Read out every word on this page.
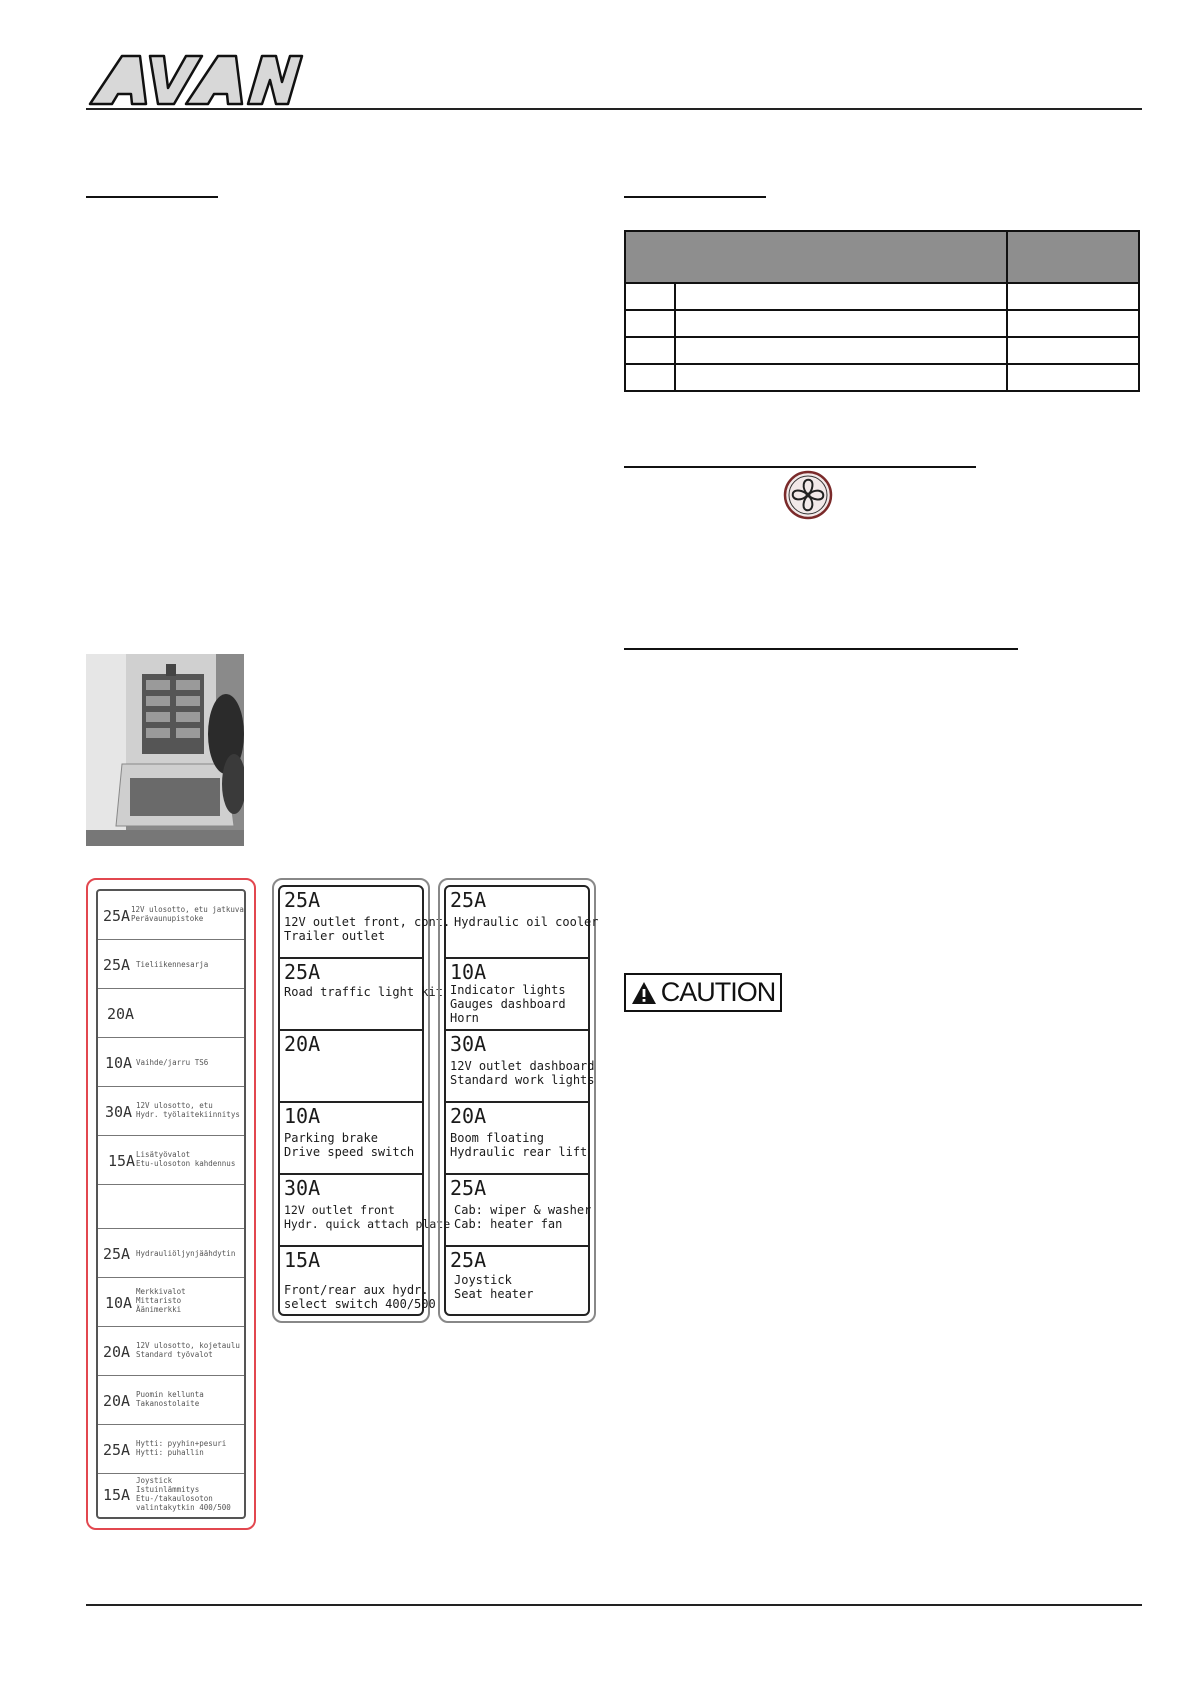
AVANT

25A 12V ulosotto, etu jatkuva
Perävaunupistoke
25A Tieliikennesarja
20A
10A Vaihde/jarru TS6
30A 12V ulosotto, etu
Hydr. työlaitekiinnitys
15A Lisätyövalot
Etu-ulosoton kahdennus
25A Hydrauliöljynjäähdytin
10A
Merkkivalot
Mittaristo
Äänimerkki
20A 12V ulosotto, kojetaulu
Standard työvalot
20A Puomin kellunta
Takanostolaite
25A Hytti: pyyhin+pesuri
Hytti: puhallin
15A
Joystick
Istuinlämmitys
Etu-/takaulosoton
valintakytkin 400/500
25A
12V outlet front, cont.
Trailer outlet
25A
Road traffic light kit
20A
10A
Parking brake
Drive speed switch
30A
12V outlet front
Hydr. quick attach plate
15A
Front/rear aux hydr.
select switch 400/500
25A
Hydraulic oil cooler
10A
Indicator lights
Gauges dashboard
Horn
30A
12V outlet dashboard
Standard work lights
20A
Boom floating
Hydraulic rear lift
25A
Cab: wiper & washer
Cab: heater fan
25A
Joystick
Seat heater
CAUTION
